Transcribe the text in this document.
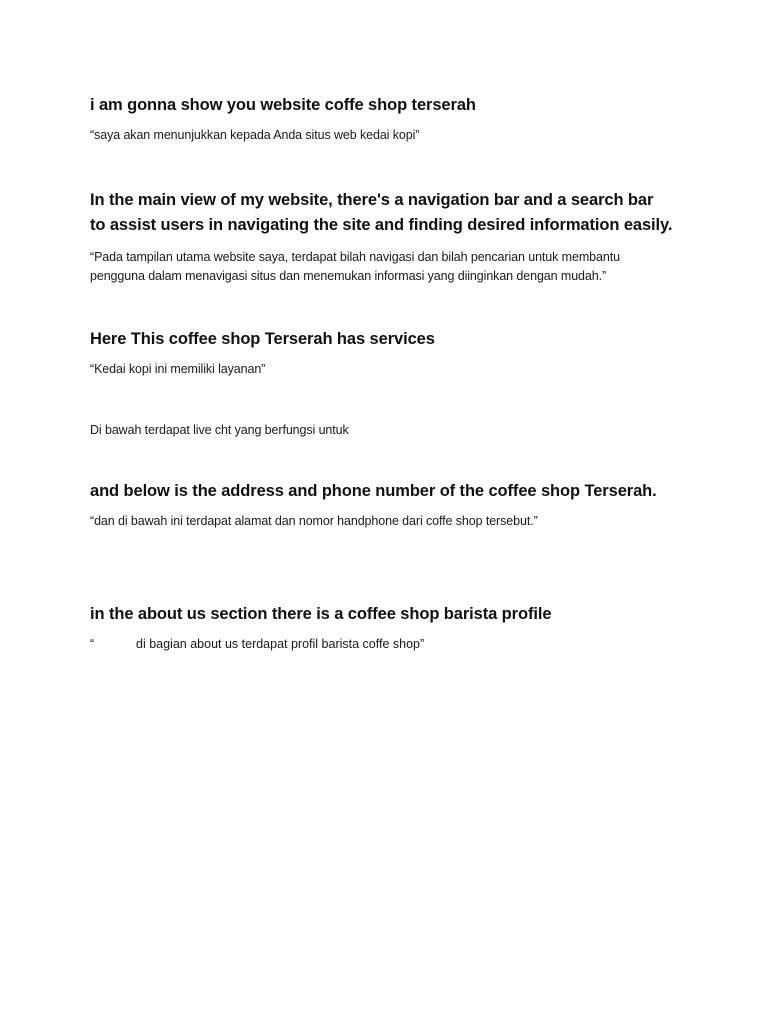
i am gonna show you website coffe shop terserah

“saya akan menunjukkan kepada Anda situs web kedai kopi”

In the main view of my website, there's a navigation bar and a search bar

to assist users in navigating the site and finding desired information easily.

“Pada tampilan utama website saya, terdapat bilah navigasi dan bilah pencarian untuk membantu

pengguna dalam menavigasi situs dan menemukan informasi yang diinginkan dengan mudah.”

Here This coffee shop Terserah has services

“Kedai kopi ini memiliki layanan”

Di bawah terdapat live cht yang berfungsi untuk

and below is the address and phone number of the coffee shop Terserah.

“dan di bawah ini terdapat alamat dan nomor handphone dari coffe shop tersebut.”

in the about us section there is a coffee shop barista profile

“	di bagian about us terdapat profil barista coffe shop”
